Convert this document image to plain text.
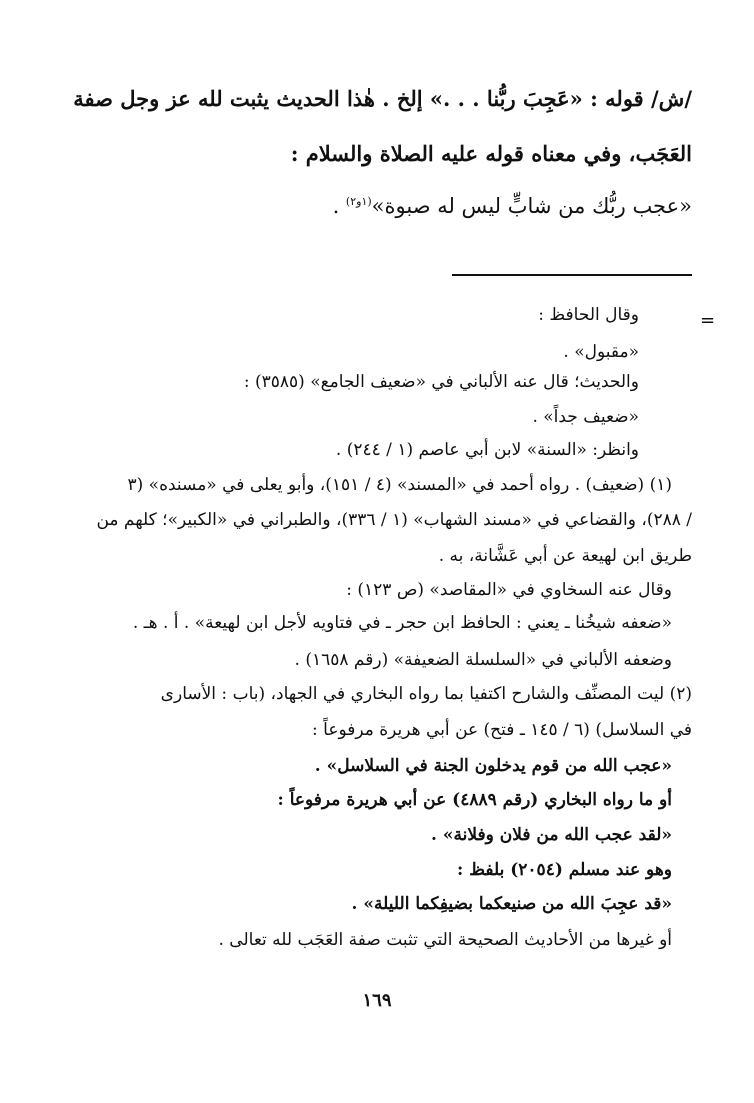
/ش/ قوله : «عَجِبَ ربُّنا . . .» إلخ . هٰذا الحديث يثبت لله عز وجل صفة
العَجَب، وفي معناه قوله عليه الصلاة والسلام :
«عجب ربُّك من شابٍّ ليس له صبوة»$^{(١و٢)}$ .
=
وقال الحافظ :
«مقبول» .
والحديث؛ قال عنه الألباني في «ضعيف الجامع» (٣٥٨٥) :
«ضعيف جداً» .
وانظر: «السنة» لابن أبي عاصم (١ / ٢٤٤) .
(١) (ضعيف) . رواه أحمد في «المسند» (٤ / ١٥١)، وأبو يعلى في «مسنده» (٣
/ ٢٨٨)، والقضاعي في «مسند الشهاب» (١ / ٣٣٦)، والطبراني في «الكبير»؛ كلهم من
طريق ابن لهيعة عن أبي عَشَّانة، به .
وقال عنه السخاوي في «المقاصد» (ص ١٢٣) :
«ضعفه شيخُنا ـ يعني : الحافظ ابن حجر ـ في فتاويه لأجل ابن لهيعة» . أ . هـ .
وضعفه الألباني في «السلسلة الضعيفة» (رقم ١٦٥٨) .
(٢) ليت المصنِّف والشارح اكتفيا بما رواه البخاري في الجهاد، (باب : الأسارى
في السلاسل) (٦ / ١٤٥ ـ فتح) عن أبي هريرة مرفوعاً :
«عجب الله من قوم يدخلون الجنة في السلاسل» .
أو ما رواه البخاري (رقم ٤٨٨٩) عن أبي هريرة مرفوعاً :
«لقد عجب الله من فلان وفلانة» .
وهو عند مسلم (٢٠٥٤) بلفظ :
«قد عجِبَ الله من صنيعكما بضيفِكما الليلة» .
أو غيرها من الأحاديث الصحيحة التي تثبت صفة العَجَب لله تعالى .
١٦٩
